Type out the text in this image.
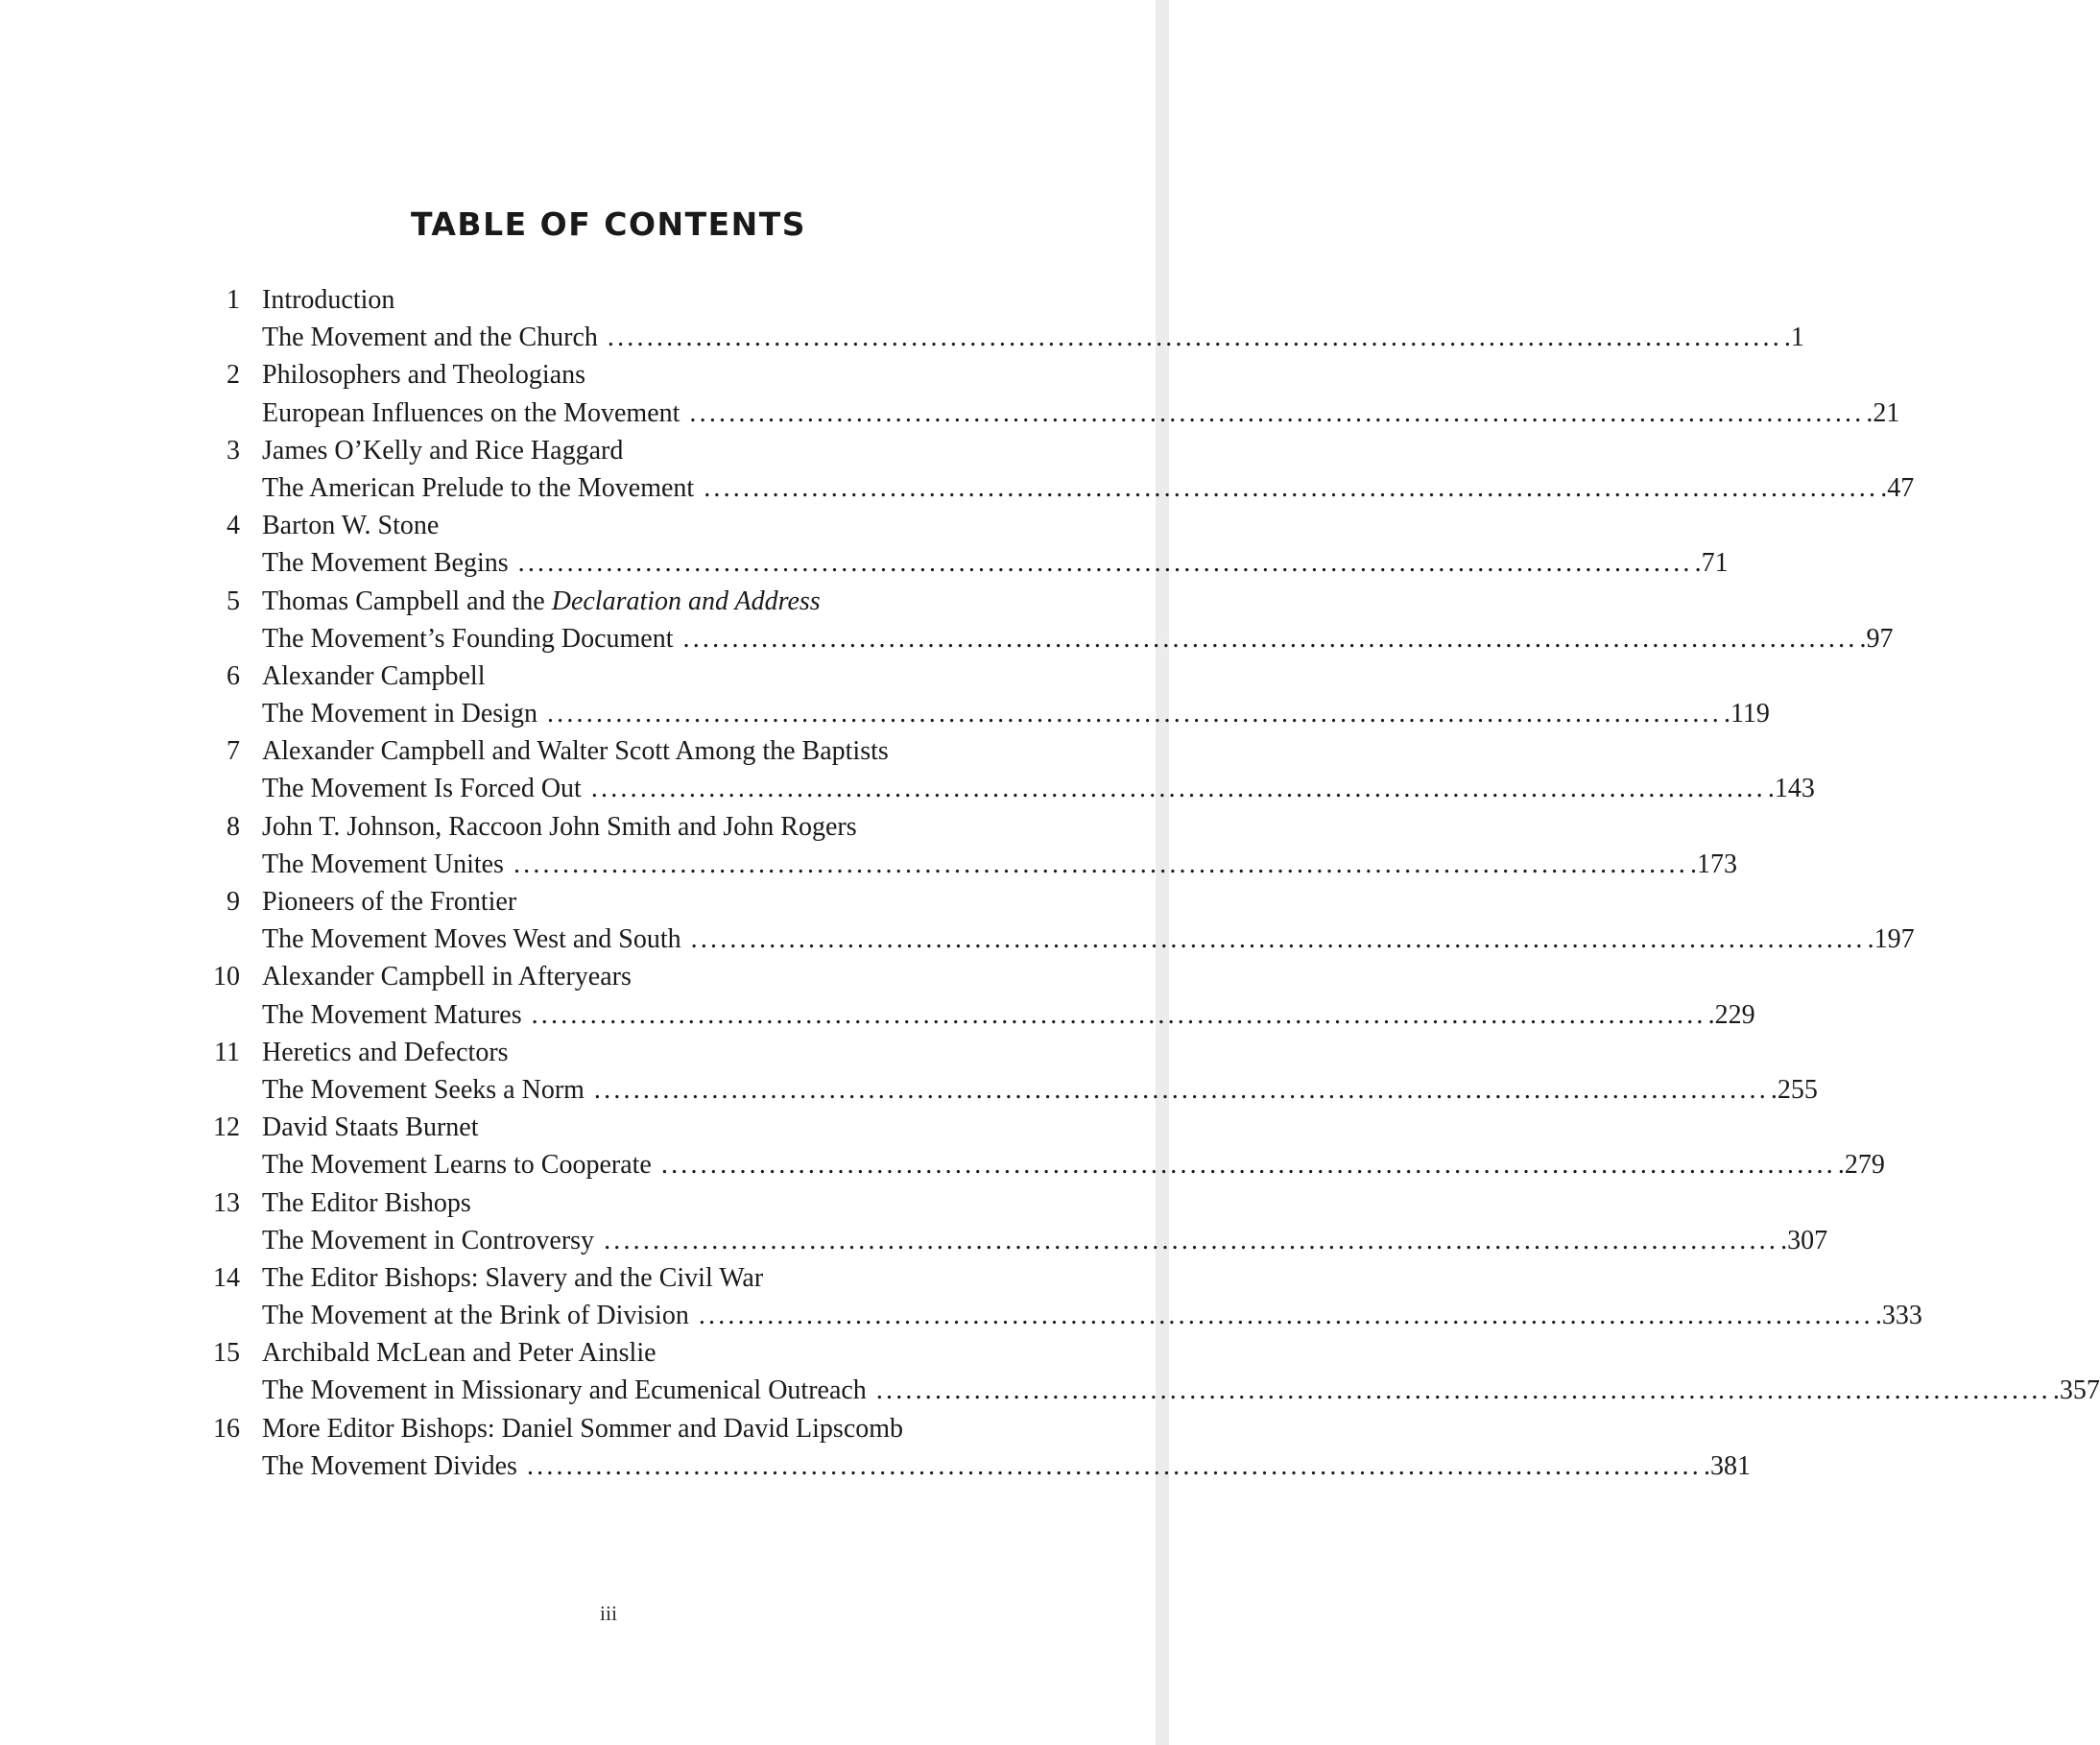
TABLE OF CONTENTS
1 Introduction
The Movement and the Church ........................................................................................................................ .1
2 Philosophers and Theologians
European Influences on the Movement ........................................................................................................................ .21
3 James O’Kelly and Rice Haggard
The American Prelude to the Movement ........................................................................................................................ .47
4 Barton W. Stone
The Movement Begins ........................................................................................................................ .71
5 Thomas Campbell and the Declaration and Address
The Movement’s Founding Document ........................................................................................................................ .97
6 Alexander Campbell
The Movement in Design ........................................................................................................................ .119
7 Alexander Campbell and Walter Scott Among the Baptists
The Movement Is Forced Out ........................................................................................................................ .143
8 John T. Johnson, Raccoon John Smith and John Rogers
The Movement Unites ........................................................................................................................ .173
9 Pioneers of the Frontier
The Movement Moves West and South ........................................................................................................................ .197
10 Alexander Campbell in Afteryears
The Movement Matures ........................................................................................................................ .229
11 Heretics and Defectors
The Movement Seeks a Norm ........................................................................................................................ .255
12 David Staats Burnet
The Movement Learns to Cooperate ........................................................................................................................ .279
13 The Editor Bishops
The Movement in Controversy ........................................................................................................................ .307
14 The Editor Bishops: Slavery and the Civil War
The Movement at the Brink of Division ........................................................................................................................ .333
15 Archibald McLean and Peter Ainslie
The Movement in Missionary and Ecumenical Outreach ........................................................................................................................ .357
16 More Editor Bishops: Daniel Sommer and David Lipscomb
The Movement Divides ........................................................................................................................ .381
iii
